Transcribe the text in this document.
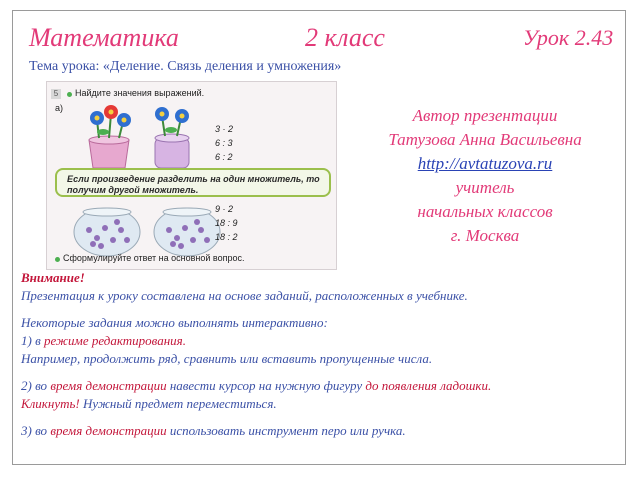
Математика	2 класс	Урок 2.43
Тема урока: «Деление. Связь деления и умножения»
5	Найдите значения выражений.
а)
3 · 2
6 : 3
6 : 2
Если произведение разделить на один множитель, то получим другой множитель.
9 · 2
18 : 9
18 : 2
Сформулируйте ответ на основной вопрос.
Автор презентации
Татузова Анна Васильевна
http://avtatuzova.ru
учитель
начальных классов
г. Москва
Внимание!
Презентация к уроку составлена на основе заданий, расположенных в учебнике.
Некоторые задания можно выполнять интерактивно:
1) в режиме редактирования.
Например, продолжить ряд, сравнить или вставить пропущенные числа.
2) во время демонстрации навести курсор на нужную фигуру до появления ладошки.
Кликнуть! Нужный предмет переместиться.
3) во время демонстрации использовать инструмент перо или ручка.
